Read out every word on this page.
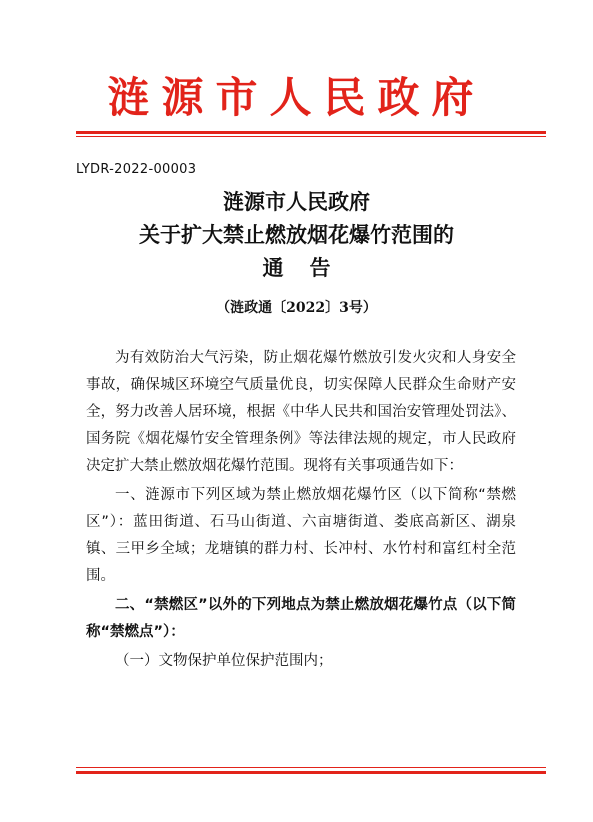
涟源市人民政府
LYDR-2022-00003
涟源市人民政府
关于扩大禁止燃放烟花爆竹范围的
通告
（涟政通〔2022〕3号）

为有效防治大气污染，防止烟花爆竹燃放引发火灾和人身安全事故，确保城区环境空气质量优良，切实保障人民群众生命财产安全，努力改善人居环境，根据《中华人民共和国治安管理处罚法》、国务院《烟花爆竹安全管理条例》等法律法规的规定，市人民政府决定扩大禁止燃放烟花爆竹范围。现将有关事项通告如下：

一、涟源市下列区域为禁止燃放烟花爆竹区（以下简称“禁燃区”）：蓝田街道、石马山街道、六亩塘街道、娄底高新区、湖泉镇、三甲乡全域；龙塘镇的群力村、长冲村、水竹村和富红村全范围。

二、“禁燃区”以外的下列地点为禁止燃放烟花爆竹点（以下简称“禁燃点”）：

（一）文物保护单位保护范围内；
